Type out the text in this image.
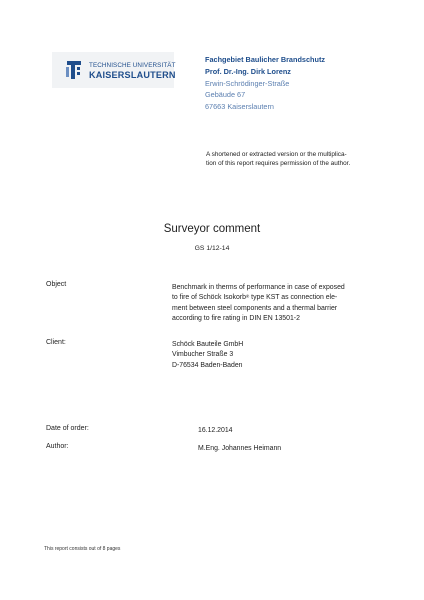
TECHNISCHE UNIVERSITÄT
KAISERSLAUTERN
Fachgebiet Baulicher Brandschutz
Prof. Dr.-Ing. Dirk Lorenz
Erwin-Schrödinger-Straße
Gebäude 67
67663 Kaiserslautern
A shortened or extracted version or the multiplica-
tion of this report requires permission of the author.
Surveyor comment
GS 1/12-14
Object	Benchmark in therms of performance in case of exposed
to fire of Schöck Isokorb® type KST as connection ele-
ment between steel components and a thermal barrier
according to fire rating in DIN EN 13501-2
Client:	Schöck Bauteile GmbH
Vimbucher Straße 3
D-76534 Baden-Baden
Date of order:	16.12.2014
Author:	M.Eng. Johannes Heimann
This report consists out of 8 pages
